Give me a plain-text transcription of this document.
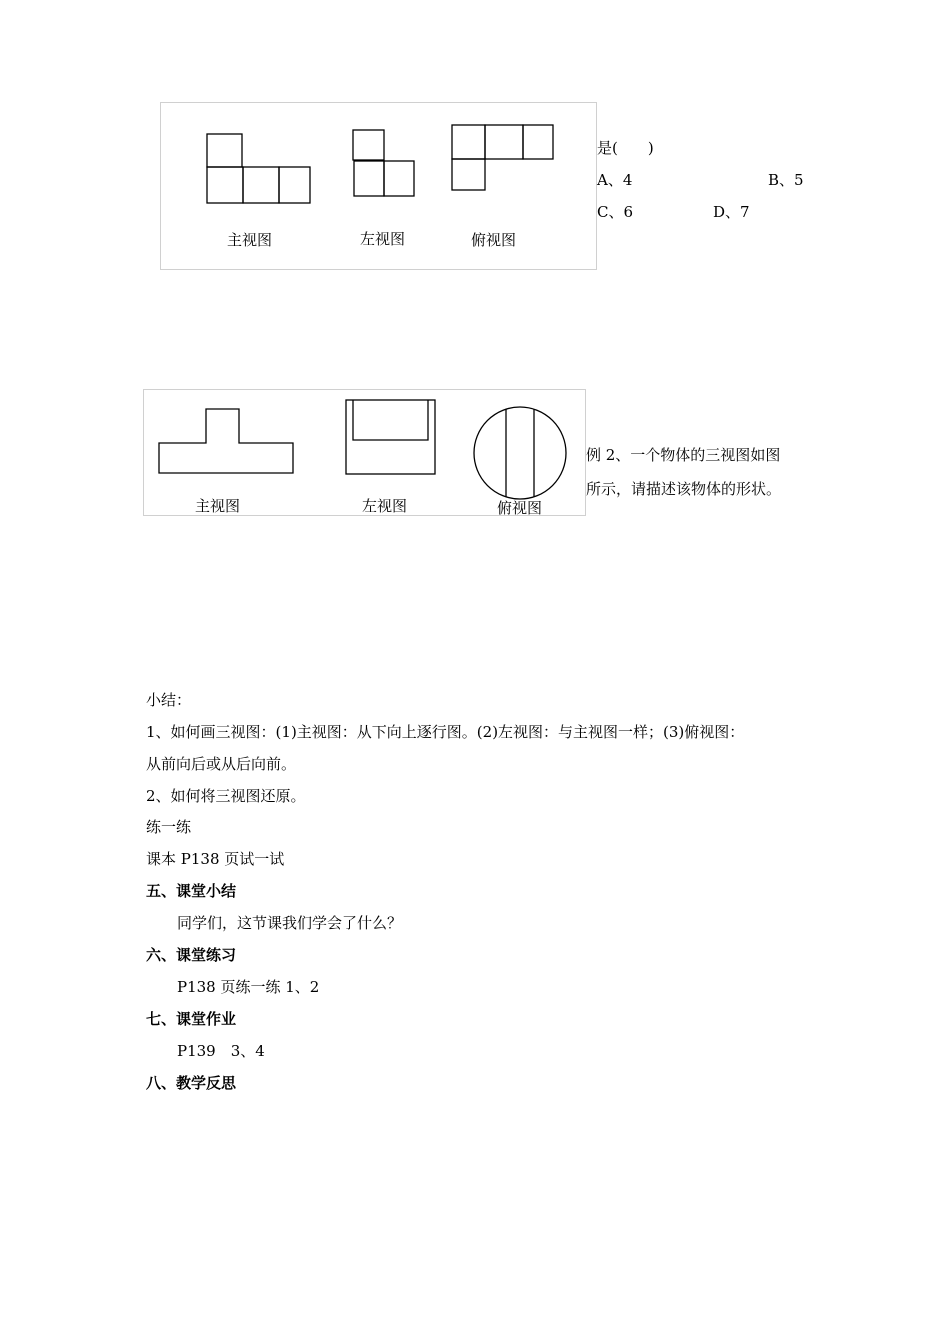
主视图	左视图	俯视图
是(　　)
A、4	B、5
C、6	D、7
主视图	左视图	俯视图
例 2、一个物体的三视图如图
所示，请描述该物体的形状。
小结：
1、如何画三视图：(1)主视图：从下向上逐行图。(2)左视图：与主视图一样；(3)俯视图：
从前向后或从后向前。
2、如何将三视图还原。
练一练
课本 P138 页试一试
五、课堂小结
同学们，这节课我们学会了什么？
六、课堂练习
P138 页练一练 1、2
七、课堂作业
P139　3、4
八、教学反思
